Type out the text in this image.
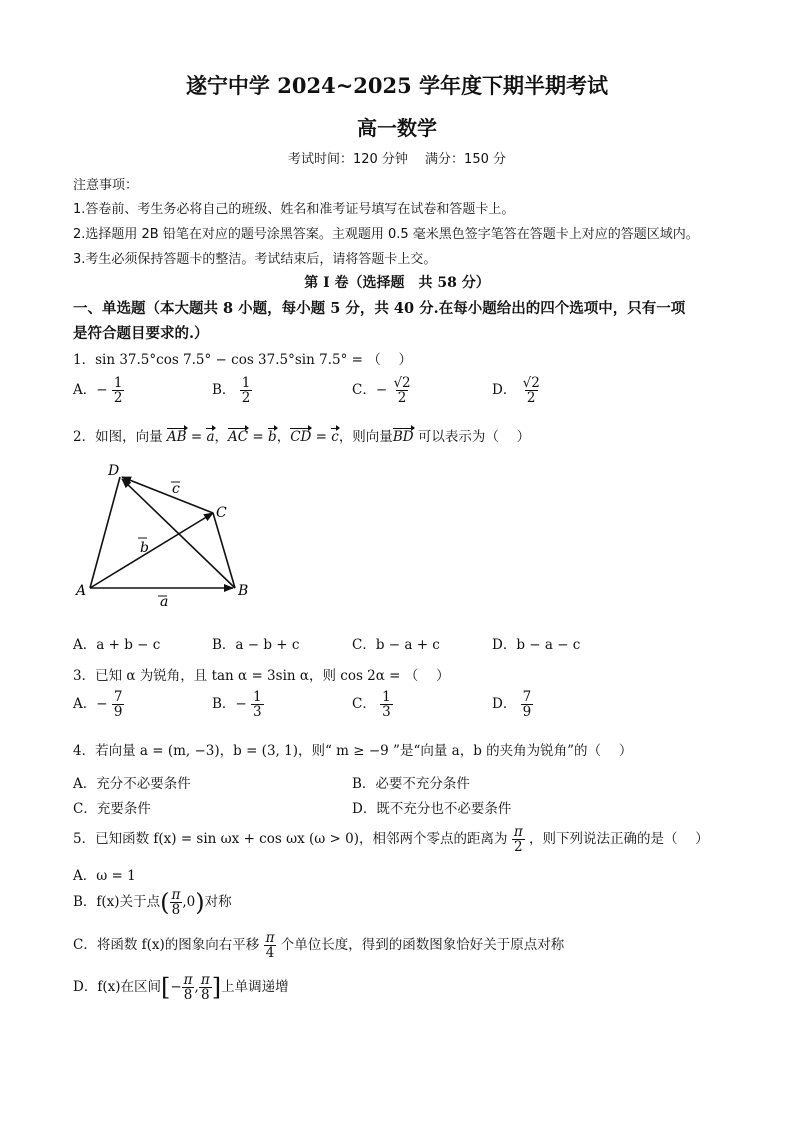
遂宁中学 2024~2025 学年度下期半期考试
高一数学
考试时间：120 分钟　 满分：150 分
注意事项：
1.答卷前、考生务必将自己的班级、姓名和准考证号填写在试卷和答题卡上。
2.选择题用 2B 铅笔在对应的题号涂黑答案。主观题用 0.5 毫米黑色签字笔答在答题卡上对应的答题区域内。
3.考生必须保持答题卡的整洁。考试结束后，请将答题卡上交。
第 I 卷（选择题　共 58 分）
一、单选题（本大题共 8 小题，每小题 5 分，共 40 分.在每小题给出的四个选项中，只有一项
是符合题目要求的.）
1．sin 37.5°cos 7.5° − cos 37.5°sin 7.5° = （　 ）
A．− $\frac{1}{2}$	B． $\frac{1}{2}$	C．− $\frac{√2}{2}$	D． $\frac{√2}{2}$
2．如图，向量 AB = a，AC = b，CD = c，则向量BD 可以表示为（　 ）
D
C
A	B
c
b
a
A．a + b − c	B．a − b + c	C．b − a + c	D．b − a − c
3．已知 α 为锐角，且 tan α = 3sin α，则 cos 2α = （　 ）
A．− $\frac{7}{9}$	B．− $\frac{1}{3}$	C． $\frac{1}{3}$	D． $\frac{7}{9}$
4．若向量 a = (m, −3)，b = (3, 1)，则“ m ≥ −9 ”是“向量 a，b 的夹角为锐角”的（　 ）
A．充分不必要条件	B．必要不充分条件
C．充要条件	D．既不充分也不必要条件
5．已知函数 f(x) = sin ωx + cos ωx (ω > 0)，相邻两个零点的距离为 $\frac{\pi}{2}$ ，则下列说法正确的是（　 ）
A．ω = 1
B．f(x)关于点( $\frac{\pi}{8} ,0$)对称
C．将函数 f(x)的图象向右平移 $\frac{\pi}{4}$ 个单位长度，得到的函数图象恰好关于原点对称
D．f(x)在区间[− $\frac{\pi}{8}$ , $\frac{\pi}{8}$ ]上单调递增
